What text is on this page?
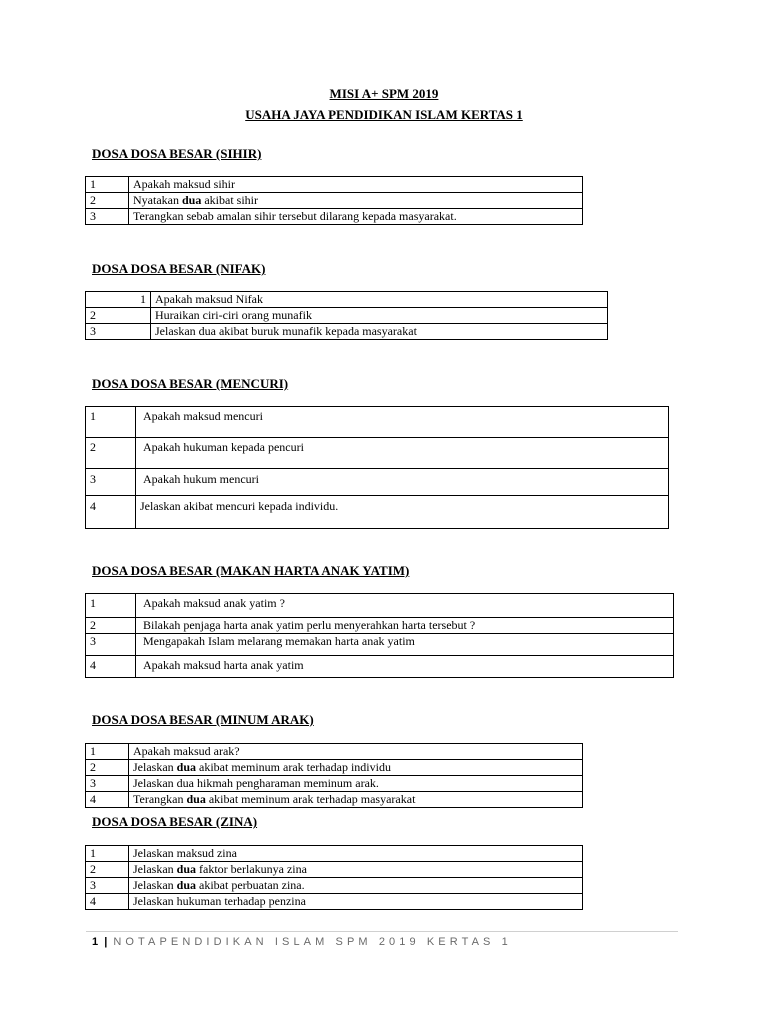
MISI A+ SPM 2019
USAHA JAYA PENDIDIKAN ISLAM KERTAS 1
DOSA DOSA BESAR (SIHIR)
1	Apakah maksud sihir
2	Nyatakan dua akibat sihir
3	Terangkan sebab amalan sihir tersebut dilarang kepada masyarakat.
DOSA DOSA BESAR (NIFAK)
1	Apakah maksud Nifak
2	Huraikan ciri-ciri orang munafik
3	Jelaskan dua akibat buruk munafik kepada masyarakat
DOSA DOSA BESAR (MENCURI)
1	Apakah maksud mencuri
2	Apakah hukuman kepada pencuri
3	Apakah hukum mencuri
4	Jelaskan akibat mencuri kepada individu.
DOSA DOSA BESAR (MAKAN HARTA ANAK YATIM)
1	Apakah maksud anak yatim ?
2	Bilakah penjaga harta anak yatim perlu menyerahkan harta tersebut ?
3	Mengapakah Islam melarang memakan harta anak yatim
4	Apakah maksud harta anak yatim
DOSA DOSA BESAR (MINUM ARAK)
1	Apakah maksud arak?
2	Jelaskan dua akibat meminum arak terhadap individu
3	Jelaskan dua hikmah pengharaman meminum arak.
4	Terangkan dua akibat meminum arak terhadap masyarakat
DOSA DOSA BESAR (ZINA)
1	Jelaskan maksud zina
2	Jelaskan dua faktor berlakunya zina
3	Jelaskan dua akibat perbuatan zina.
4	Jelaskan hukuman terhadap penzina
1 | NOTAPENDIDIKAN ISLAM SPM 2019 KERTAS 1
